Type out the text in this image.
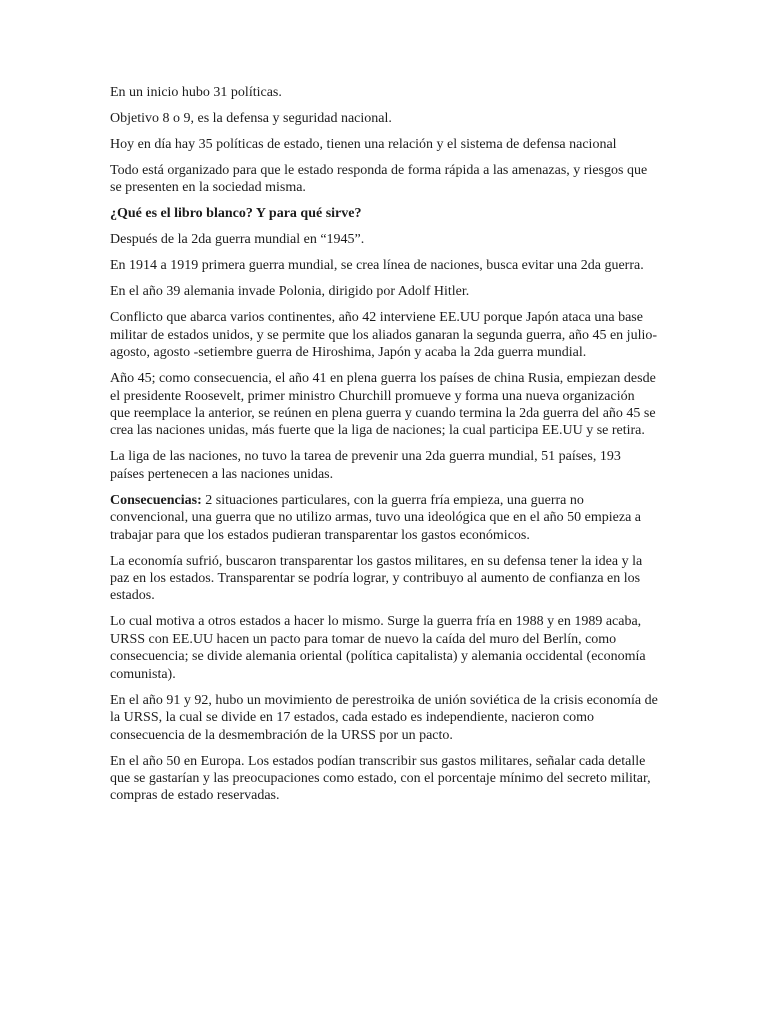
En un inicio hubo 31 políticas.

Objetivo 8 o 9, es la defensa y seguridad nacional.

Hoy en día hay 35 políticas de estado, tienen una relación y el sistema de defensa nacional

Todo está organizado para que le estado responda de forma rápida a las amenazas, y riesgos que se presenten en la sociedad misma.

¿Qué es el libro blanco? Y para qué sirve?

Después de la 2da guerra mundial en “1945”.

En 1914 a 1919 primera guerra mundial, se crea línea de naciones, busca evitar una 2da guerra.

En el año 39 alemania invade Polonia, dirigido por Adolf Hitler.

Conflicto que abarca varios continentes, año 42 interviene EE.UU porque Japón ataca una base militar de estados unidos, y se permite que los aliados ganaran la segunda guerra, año 45 en julio- agosto, agosto -setiembre guerra de Hiroshima, Japón y acaba la 2da guerra mundial.

Año 45; como consecuencia, el año 41 en plena guerra los países de china Rusia, empiezan desde el presidente Roosevelt, primer ministro Churchill promueve y forma una nueva organización que reemplace la anterior, se reúnen en plena guerra y cuando termina la 2da guerra del año 45 se crea las naciones unidas, más fuerte que la liga de naciones; la cual participa EE.UU y se retira.

La liga de las naciones, no tuvo la tarea de prevenir una 2da guerra mundial, 51 países, 193 países pertenecen a las naciones unidas.

Consecuencias: 2 situaciones particulares, con la guerra fría empieza, una guerra no convencional, una guerra que no utilizo armas, tuvo una ideológica que en el año 50 empieza a trabajar para que los estados pudieran transparentar los gastos económicos.

La economía sufrió, buscaron transparentar los gastos militares, en su defensa tener la idea y la paz en los estados. Transparentar se podría lograr, y contribuyo al aumento de confianza en los estados.

Lo cual motiva a otros estados a hacer lo mismo. Surge la guerra fría en 1988 y en 1989 acaba, URSS con EE.UU hacen un pacto para tomar de nuevo la caída del muro del Berlín, como consecuencia; se divide alemania oriental (política capitalista) y alemania occidental (economía comunista).

En el año 91 y 92, hubo un movimiento de perestroika de unión soviética de la crisis economía de la URSS, la cual se divide en 17 estados, cada estado es independiente, nacieron como consecuencia de la desmembración de la URSS por un pacto.

En el año 50 en Europa. Los estados podían transcribir sus gastos militares, señalar cada detalle que se gastarían y las preocupaciones como estado, con el porcentaje mínimo del secreto militar, compras de estado reservadas.
